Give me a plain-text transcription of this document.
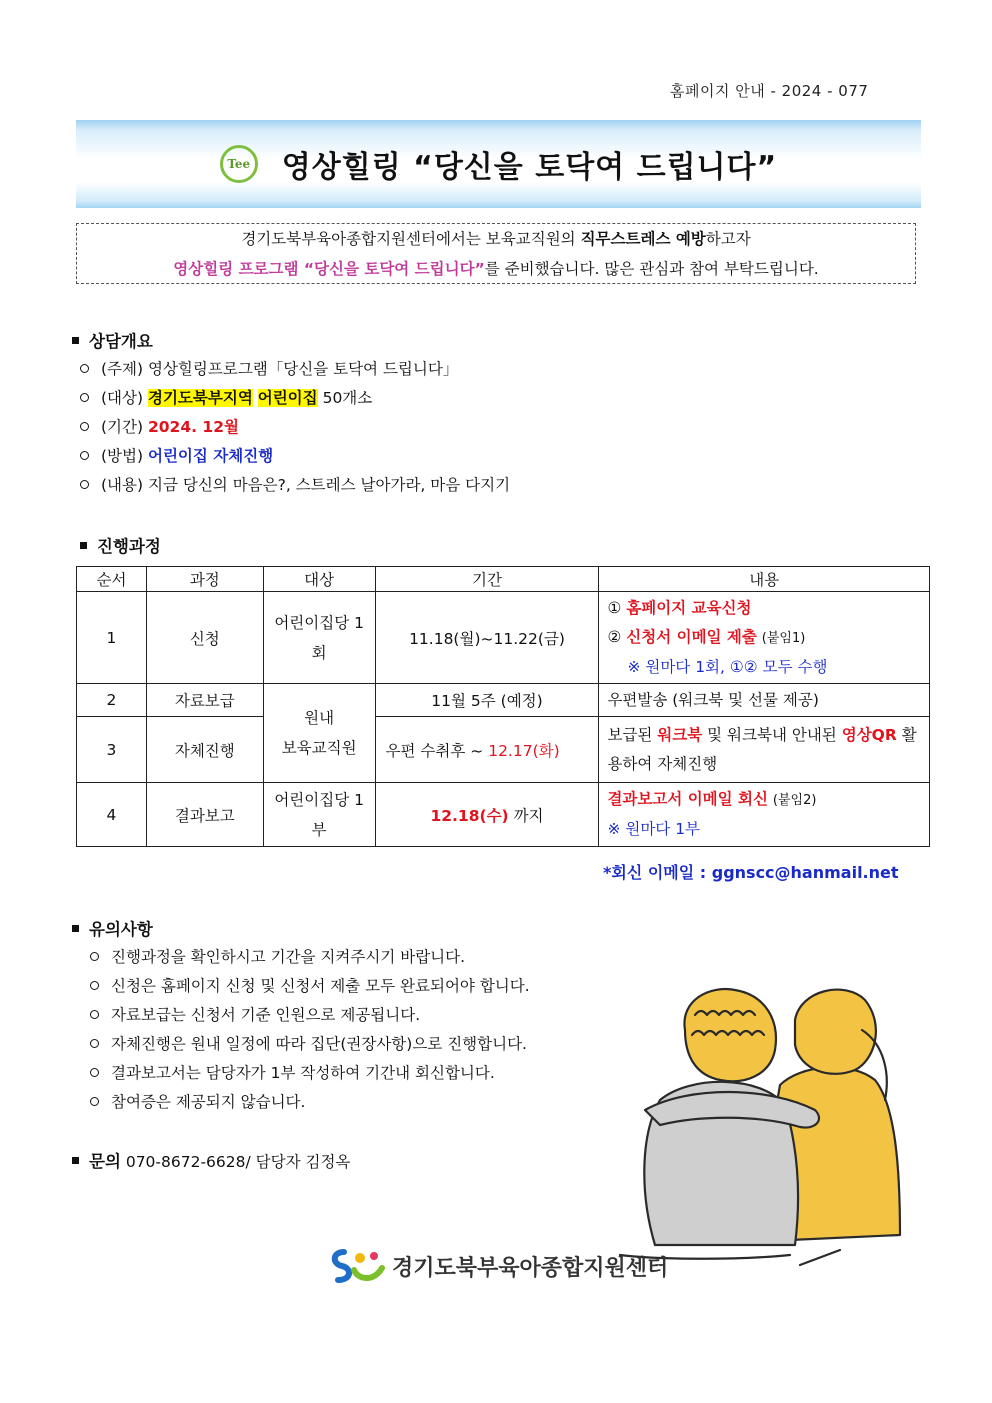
홈페이지 안내 - 2024 - 077
Tee 영상힐링 “당신을 토닥여 드립니다”
경기도북부육아종합지원센터에서는 보육교직원의 직무스트레스 예방하고자
영상힐링 프로그램 “당신을 토닥여 드립니다”를 준비했습니다. 많은 관심과 참여 부탁드립니다.
상담개요
(주제) 영상힐링프로그램「당신을 토닥여 드립니다」
(대상) 경기도북부지역 어린이집 50개소
(기간) 2024. 12월
(방법) 어린이집 자체진행
(내용) 지금 당신의 마음은?, 스트레스 날아가라, 마음 다지기
진행과정
순서	과정	대상	기간	내용
1	신청	어린이집당 1회	11.18(월)~11.22(금)	① 홈페이지 교육신청
② 신청서 이메일 제출 (붙임1)
※ 원마다 1회, ①② 모두 수행

2	자료보급	원내
보육교직원	11월 5주 (예정)	우편발송 (워크북 및 선물 제공)
3	자체진행		우편 수취후 ~ 12.17(화)	보급된 워크북 및 워크북내 안내된 영상QR 활용하여 자체진행
4	결과보고	어린이집당 1부	12.18(수) 까지	결과보고서 이메일 회신 (붙임2)
※ 원마다 1부
*회신 이메일 : ggnscc@hanmail.net
유의사항
진행과정을 확인하시고 기간을 지켜주시기 바랍니다.
신청은 홈페이지 신청 및 신청서 제출 모두 완료되어야 합니다.
자료보급는 신청서 기준 인원으로 제공됩니다.
자체진행은 원내 일정에 따라 집단(권장사항)으로 진행합니다.
결과보고서는 담당자가 1부 작성하여 기간내 회신합니다.
참여증은 제공되지 않습니다.
문의 070-8672-6628/ 담당자 김정옥
경기도북부육아종합지원센터
